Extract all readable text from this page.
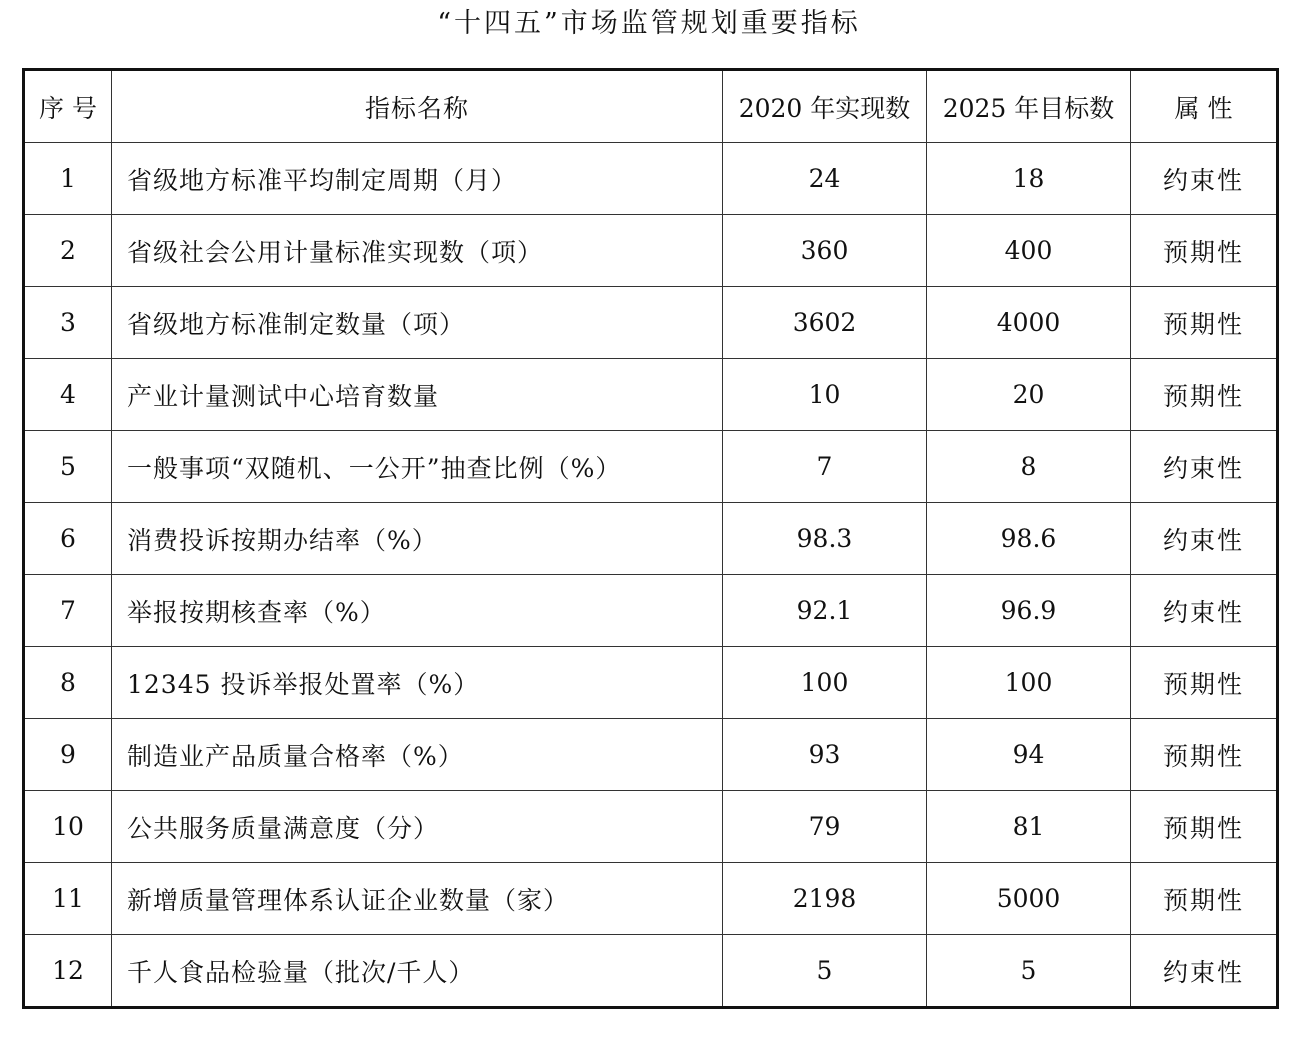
“十四五”市场监管规划重要指标
序 号	指标名称	2020 年实现数	2025 年目标数	属 性
1	省级地方标准平均制定周期（月）	24	18	约束性
2	省级社会公用计量标准实现数（项）	360	400	预期性
3	省级地方标准制定数量（项）	3602	4000	预期性
4	产业计量测试中心培育数量	10	20	预期性
5	一般事项“双随机、一公开”抽查比例（%）	7	8	约束性
6	消费投诉按期办结率（%）	98.3	98.6	约束性
7	举报按期核查率（%）	92.1	96.9	约束性
8	12345 投诉举报处置率（%）	100	100	预期性
9	制造业产品质量合格率（%）	93	94	预期性
10	公共服务质量满意度（分）	79	81	预期性
11	新增质量管理体系认证企业数量（家）	2198	5000	预期性
12	千人食品检验量（批次/千人）	5	5	约束性
